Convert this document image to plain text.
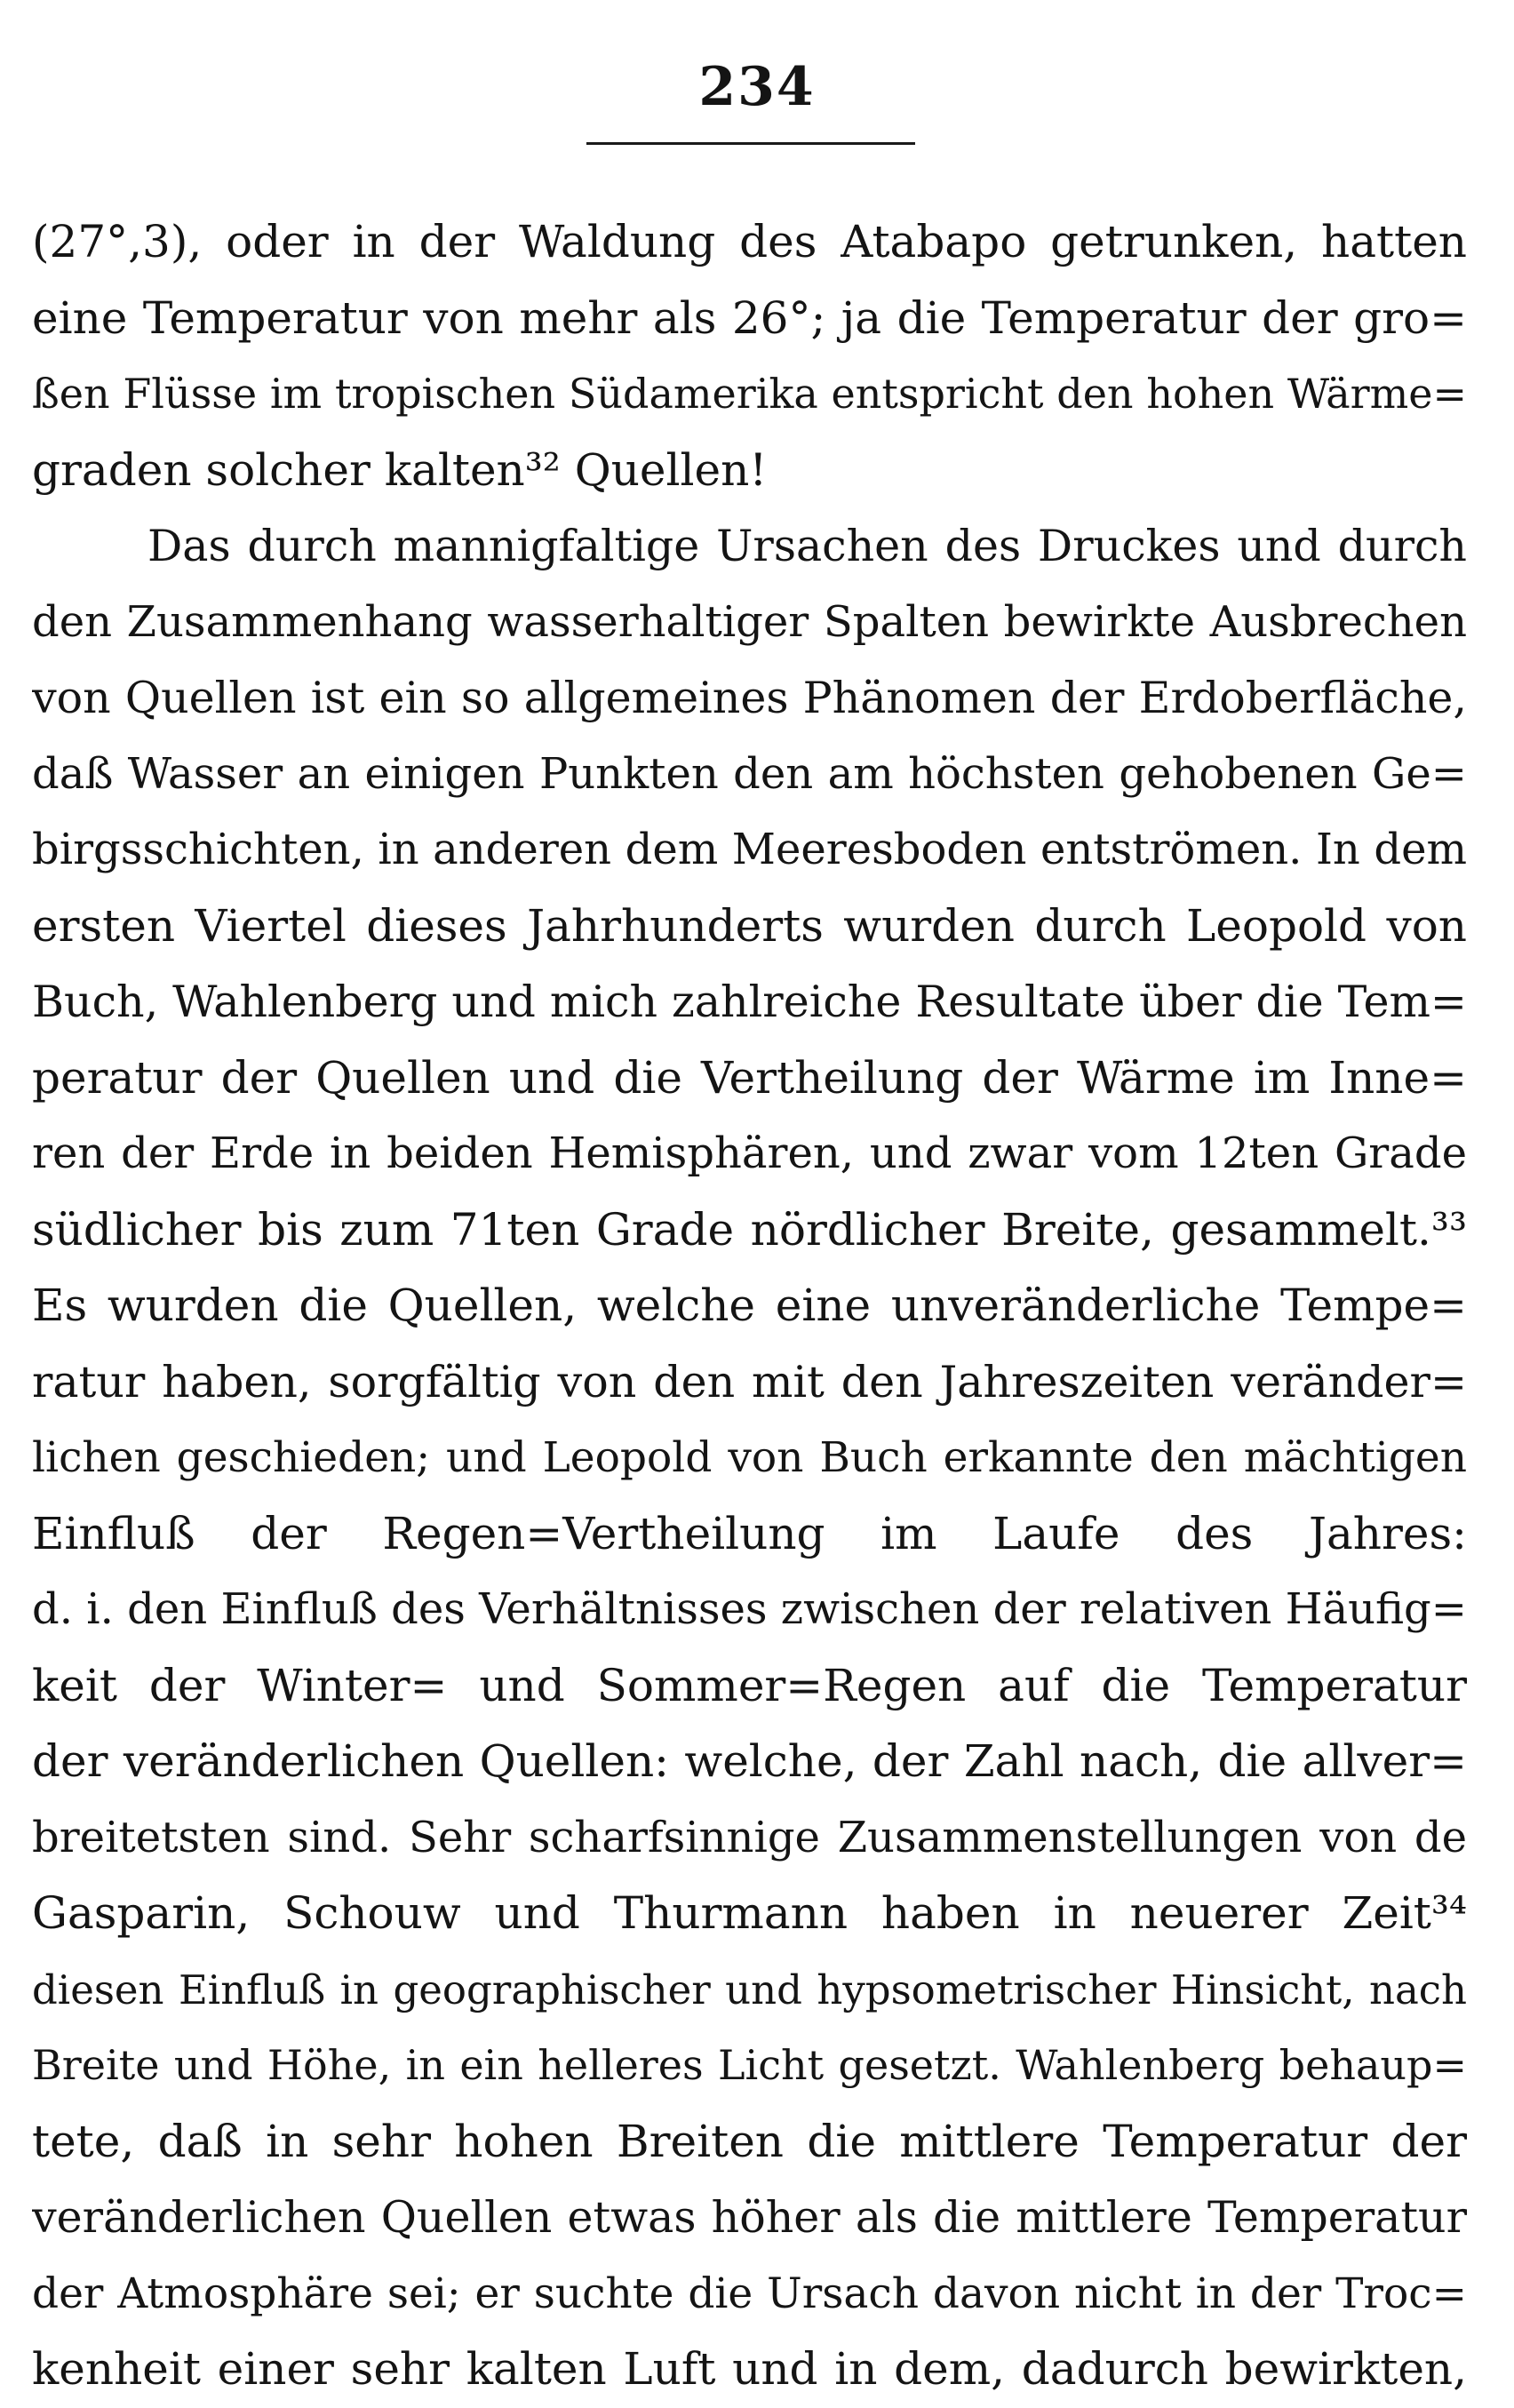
234
(27°,3), oder in der Waldung des Atabapo getrunken, hatten
eine Temperatur von mehr als 26°; ja die Temperatur der gro=
ßen Flüsse im tropischen Südamerika entspricht den hohen Wärme=
graden solcher kalten³² Quellen!
Das durch mannigfaltige Ursachen des Druckes und durch
den Zusammenhang wasserhaltiger Spalten bewirkte Ausbrechen
von Quellen ist ein so allgemeines Phänomen der Erdoberfläche,
daß Wasser an einigen Punkten den am höchsten gehobenen Ge=
birgsschichten, in anderen dem Meeresboden entströmen. In dem
ersten Viertel dieses Jahrhunderts wurden durch Leopold von
Buch, Wahlenberg und mich zahlreiche Resultate über die Tem=
peratur der Quellen und die Vertheilung der Wärme im Inne=
ren der Erde in beiden Hemisphären, und zwar vom 12ten Grade
südlicher bis zum 71ten Grade nördlicher Breite, gesammelt.³³
Es wurden die Quellen, welche eine unveränderliche Tempe=
ratur haben, sorgfältig von den mit den Jahreszeiten veränder=
lichen geschieden; und Leopold von Buch erkannte den mächtigen
Einfluß der Regen=Vertheilung im Laufe des Jahres:
d. i. den Einfluß des Verhältnisses zwischen der relativen Häufig=
keit der Winter= und Sommer=Regen auf die Temperatur
der veränderlichen Quellen: welche, der Zahl nach, die allver=
breitetsten sind. Sehr scharfsinnige Zusammenstellungen von de
Gasparin, Schouw und Thurmann haben in neuerer Zeit³⁴
diesen Einfluß in geographischer und hypsometrischer Hinsicht, nach
Breite und Höhe, in ein helleres Licht gesetzt. Wahlenberg behaup=
tete, daß in sehr hohen Breiten die mittlere Temperatur der
veränderlichen Quellen etwas höher als die mittlere Temperatur
der Atmosphäre sei; er suchte die Ursach davon nicht in der Troc=
kenheit einer sehr kalten Luft und in dem, dadurch bewirkten,
